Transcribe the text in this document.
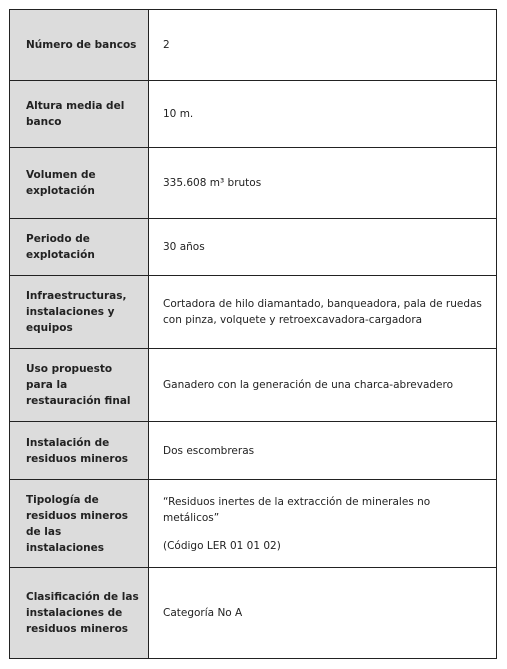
Número de bancos	2

Altura media del banco	10 m.

Volumen de explotación	335.608 m³ brutos

Periodo de explotación	30 años

Infraestructuras, instalaciones y equipos	Cortadora de hilo diamantado, banqueadora, pala de ruedas con pinza, volquete y retroexcavadora-cargadora

Uso propuesto para la restauración final	Ganadero con la generación de una charca-abrevadero

Instalación de residuos mineros	Dos escombreras

Tipología de residuos mineros de las instalaciones	“Residuos inertes de la extracción de minerales no metálicos”
(Código LER 01 01 02)

Clasificación de las instalaciones de residuos mineros	Categoría No A
